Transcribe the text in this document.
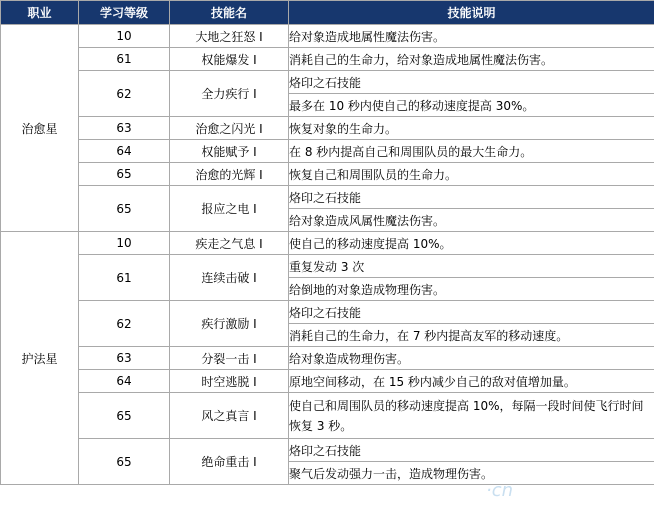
职业	学习等级	技能名	技能说明
治愈星	10	大地之狂怒 I	给对象造成地属性魔法伤害。
	61	权能爆发 I	消耗自己的生命力，给对象造成地属性魔法伤害。
	62	全力疾行 I	烙印之石技能
			最多在 10 秒内使自己的移动速度提高 30%。
	63	治愈之闪光 I	恢复对象的生命力。
	64	权能赋予 I	在 8 秒内提高自己和周围队员的最大生命力。
	65	治愈的光辉 I	恢复自己和周围队员的生命力。
	65	报应之电 I	烙印之石技能
			给对象造成风属性魔法伤害。
护法星	10	疾走之气息 I	使自己的移动速度提高 10%。
	61	连续击破 I	重复发动 3 次
			给倒地的对象造成物理伤害。
	62	疾行激励 I	烙印之石技能
			消耗自己的生命力，在 7 秒内提高友军的移动速度。
	63	分裂一击 I	给对象造成物理伤害。
	64	时空逃脱 I	原地空间移动，在 15 秒内减少自己的敌对值增加量。
	65	风之真言 I	使自己和周围队员的移动速度提高 10%，每隔一段时间使飞行时间恢复 3 秒。
	65	绝命重击 I	烙印之石技能
			聚气后发动强力一击，造成物理伤害。
·cn
